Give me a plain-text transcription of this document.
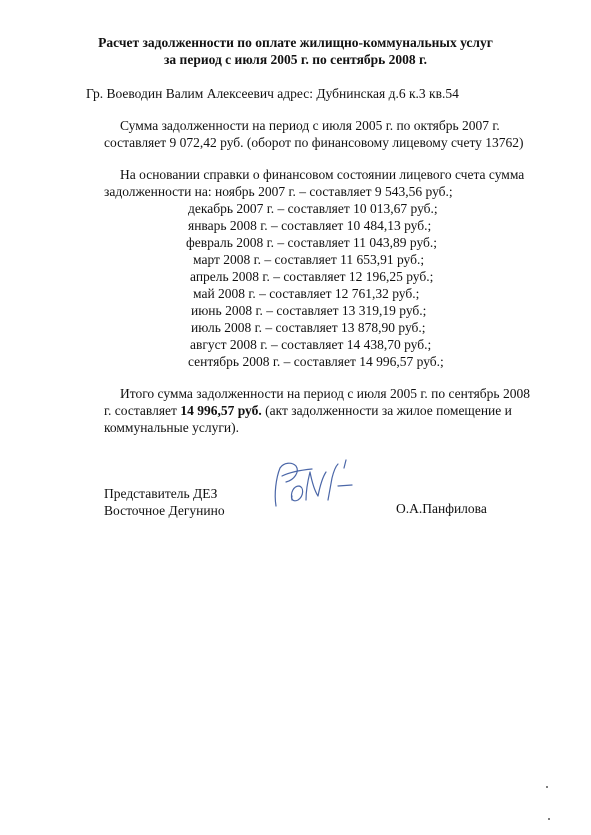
Расчет задолженности по оплате жилищно-коммунальных услуг
за период с июля 2005 г. по сентябрь 2008 г.
Гр. Воеводин Валим Алексеевич адрес: Дубнинская д.6 к.3 кв.54
Сумма задолженности на период с июля 2005 г. по октябрь 2007 г.
составляет 9 072,42 руб. (оборот по финансовому лицевому счету 13762)
На основании справки о финансовом состоянии лицевого счета сумма
задолженности на: ноябрь 2007 г. – составляет 9 543,56 руб.;
декабрь 2007 г. – составляет 10 013,67 руб.;
январь 2008 г. – составляет 10 484,13 руб.;
февраль 2008 г. – составляет 11 043,89 руб.;
март 2008 г. – составляет 11 653,91 руб.;
апрель 2008 г. – составляет 12 196,25 руб.;
май 2008 г. – составляет 12 761,32 руб.;
июнь 2008 г. – составляет 13 319,19 руб.;
июль 2008 г. – составляет 13 878,90 руб.;
август 2008 г. – составляет 14 438,70 руб.;
сентябрь 2008 г. – составляет 14 996,57 руб.;
Итого сумма задолженности на период с июля 2005 г. по сентябрь 2008
г. составляет 14 996,57 руб. (акт задолженности за жилое помещение и
коммунальные услуги).
Представитель ДЕЗ
Восточное Дегунино	О.А.Панфилова
